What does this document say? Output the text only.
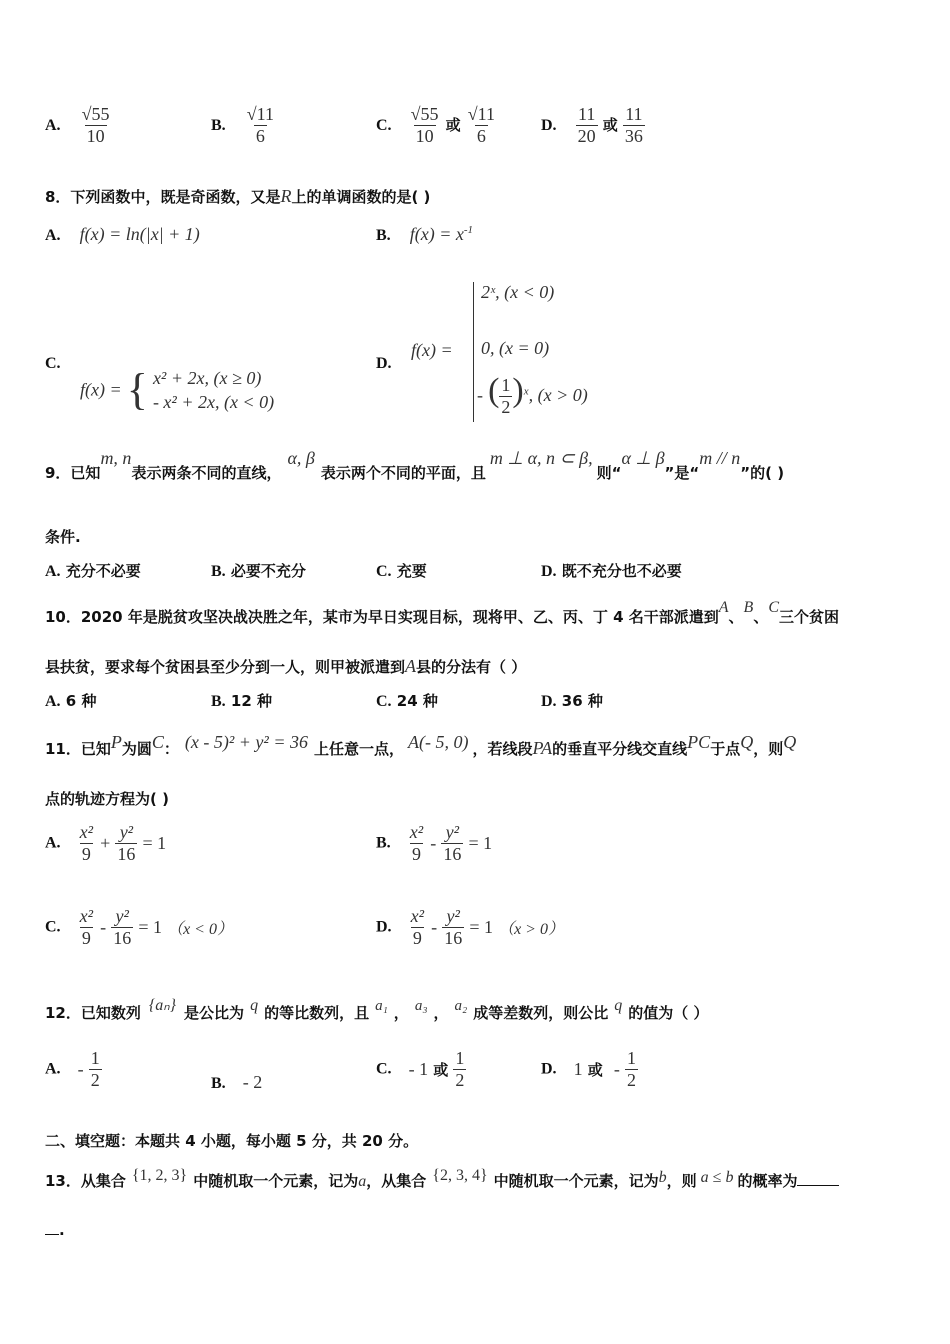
A. $\frac{√55}{10}$	B. $\frac{√11}{6}$	C. $\frac{√55}{10}$ 或 $\frac{√11}{6}$	D. $\frac{11}{20}$ 或 $\frac{11}{36}$
8．下列函数中，既是奇函数，又是R上的单调函数的是( )
A. f(x) = ln(|x| + 1)	B. $f(x) = x^{-1}$
C.
f(x) = { x² + 2x, (x ≥ 0)
- x² + 2x, (x < 0)
D.
f(x) =
2ˣ, (x < 0)
0, (x = 0)
- ( $\frac{1}{2} )^x$, (x > 0)
9．已知m, n表示两条不同的直线，α, β表示两个不同的平面，且m ⊥ α, n ⊂ β,则“α ⊥ β”是“m // n”的( )
条件.
A. 充分不必要	B. 必要不充分	C. 充要	D. 既不充分也不必要
10．2020 年是脱贫攻坚决战决胜之年，某市为早日实现目标，现将甲、乙、丙、丁 4 名干部派遣到A、B、C三个贫困
县扶贫，要求每个贫困县至少分到一人，则甲被派遣到A县的分法有（ ）
A. 6 种	B. 12 种	C. 24 种	D. 36 种
11．已知P为圆C： (x - 5)² + y² = 36 上任意一点， A(- 5, 0) ，若线段PA的垂直平分线交直线PC于点Q，则Q
点的轨迹方程为( )
A. $\frac{\text{x²}}{9} + \frac{\text{y²}}{16} = 1$	B. $\frac{\text{x²}}{9} - \frac{\text{y²}}{16} = 1$
C. $\frac{\text{x²}}{9} - \frac{\text{y²}}{16} = 1$ （x < 0）	D. $\frac{\text{x²}}{9} - \frac{\text{y²}}{16} = 1$ （x > 0）
12．已知数列 {aₙ} 是公比为 q 的等比数列，且 a₁ ， a₃ ， a₂ 成等差数列，则公比 q 的值为（ ）
A. - $\frac{1}{2}$	B. - 2
C. - 1 或 $\frac{1}{2}$	D. 1 或 - $\frac{1}{2}$
二、填空题：本题共 4 小题，每小题 5 分，共 20 分。
13．从集合 {1, 2, 3} 中随机取一个元素，记为a，从集合 {2, 3, 4} 中随机取一个元素，记为b，则 a ≤ b 的概率为
.
